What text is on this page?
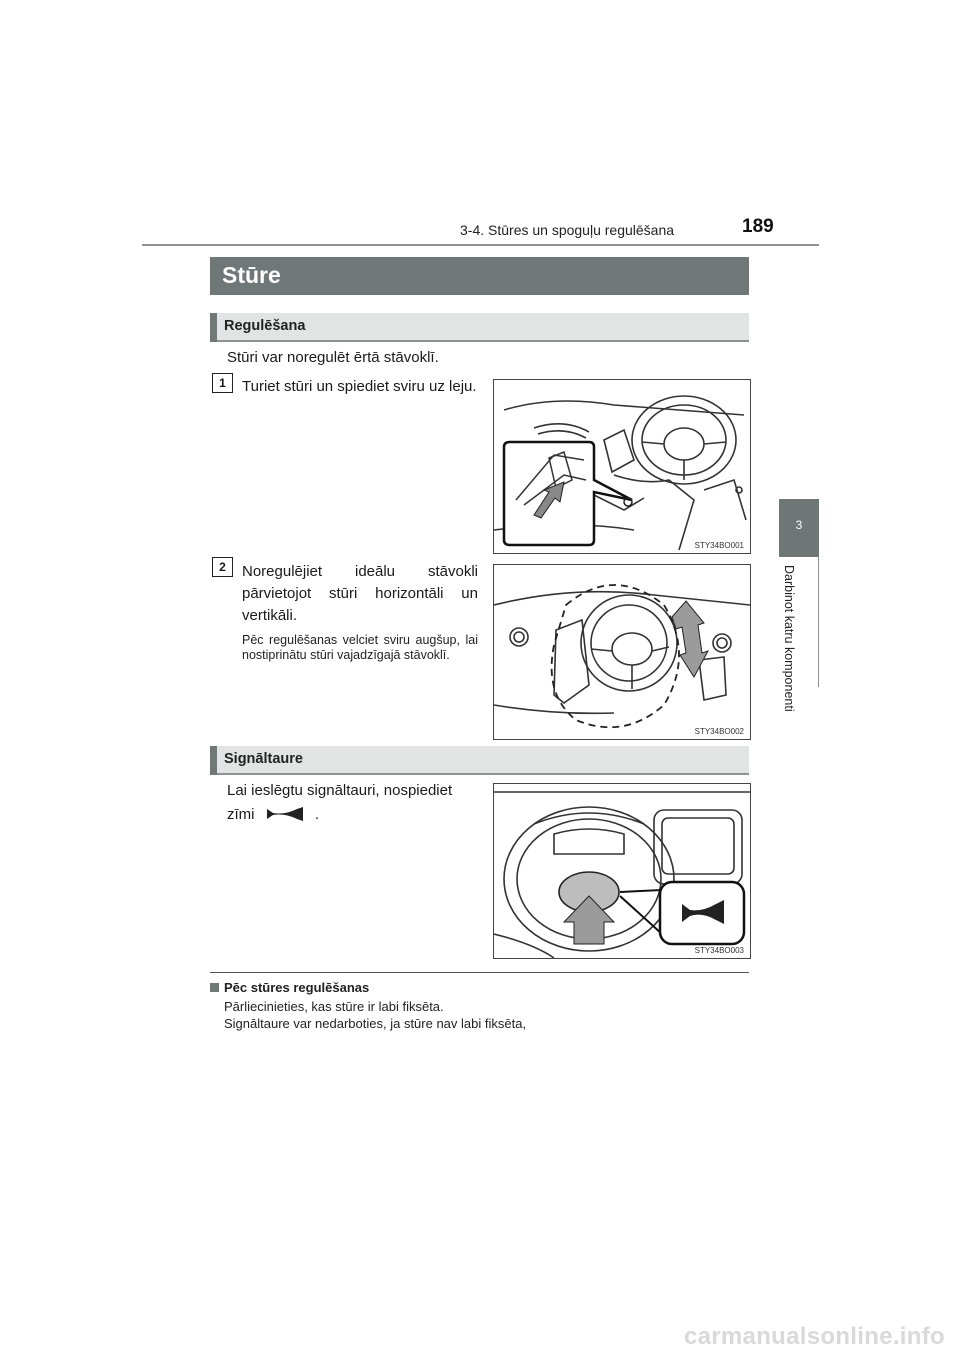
3-4. Stūres un spoguļu regulēšana	189
3
Darbinot katru komponenti
Stūre
Regulēšana
Stūri var noregulēt ērtā stāvoklī.
1	Turiet stūri un spiediet sviru uz leju.
STY34BO001
2	Noregulējiet ideālu stāvokli pārvietojot stūri horizontāli un vertikāli.
Pēc regulēšanas velciet sviru augšup, lai nostiprinātu stūri vajadzīgajā stāvoklī.
STY34BO002
Signāltaure
Lai ieslēgtu signāltauri, nospiediet zīmi	.
STY34BO003
Pēc stūres regulēšanas
Pārliecinieties, kas stūre ir labi fiksēta.
Signāltaure var nedarboties, ja stūre nav labi fiksēta,
carmanualsonline.info
